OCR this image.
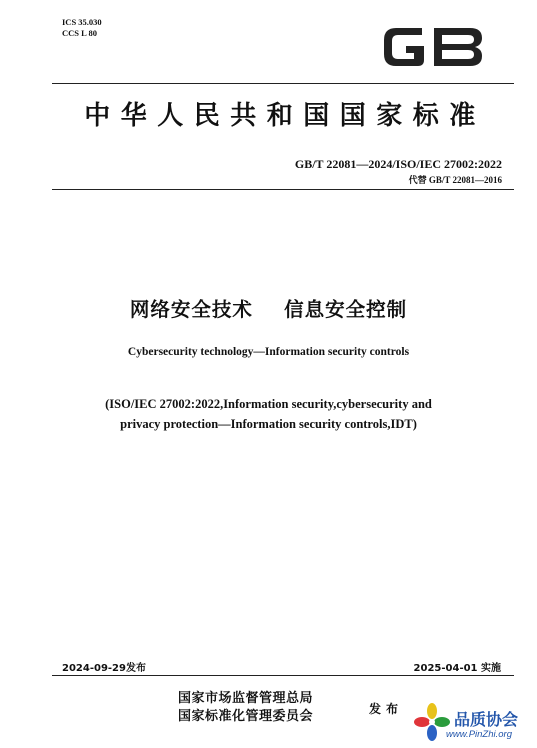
ICS 35.030
CCS L 80
中华人民共和国国家标准
GB/T 22081—2024/ISO/IEC 27002:2022
代替 GB/T 22081—2016
网络安全技术    信息安全控制
Cybersecurity technology—Information security controls
(ISO/IEC 27002:2022,Information security,cybersecurity and
privacy protection—Information security controls,IDT)
2024-09-29发布	2025-04-01 实施
国家市场监督管理总局
国家标准化管理委员会	发布
品质协会
www.PinZhi.org
